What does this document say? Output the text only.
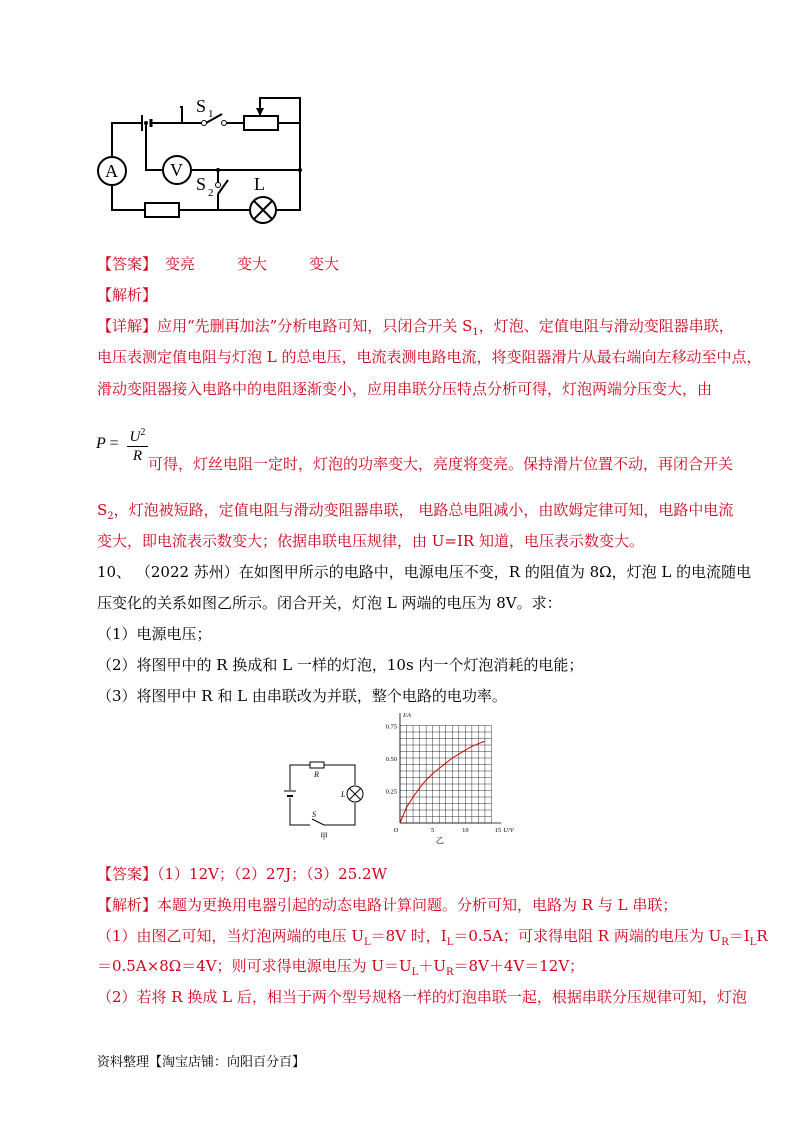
A	V
S 1
S 2 L
【答案】 变亮	变大	变大
【解析】
【详解】应用“先删再加法”分析电路可知，只闭合开关 $S_1$，灯泡、定值电阻与滑动变阻器串联，
电压表测定值电阻与灯泡 L 的总电压，电流表测电路电流，将变阻器滑片从最右端向左移动至中点，
滑动变阻器接入电路中的电阻逐渐变小，应用串联分压特点分析可得，灯泡两端分压变大，由
$P = \frac{U^2}{R}$ 可得，灯丝电阻一定时，灯泡的功率变大，亮度将变亮。保持滑片位置不动，再闭合开关
$S_2$，灯泡被短路，定值电阻与滑动变阻器串联， 电路总电阻减小，由欧姆定律可知，电路中电流
变大，即电流表示数变大；依据串联电压规律，由 U=IR 知道，电压表示数变大。
10、 （2022 苏州）在如图甲所示的电路中，电源电压不变，R 的阻值为 8Ω，灯泡 L 的电流随电
压变化的关系如图乙所示。闭合开关，灯泡 L 两端的电压为 8V。求：
（1）电源电压；
（2）将图甲中的 R 换成和 L 一样的灯泡，10s 内一个灯泡消耗的电能；
（3）将图甲中 R 和 L 由串联改为并联，整个电路的电功率。
R
L
S
甲
0.25
0.50
0.75
O	5	10	15 U/V
I/A
乙
【答案】（1）12V；（2）27J；（3）25.2W
【解析】本题为更换用电器引起的动态电路计算问题。分析可知，电路为 R 与 L 串联；
（1）由图乙可知，当灯泡两端的电压 $U_L=8V$ 时，$I_L=0.5A$；可求得电阻 R 两端的电压为 $U_R=I_LR$
＝0.5A×8Ω＝4V；则可求得电源电压为 $U=U_L+U_R=8V+4V=12V$；
（2）若将 R 换成 L 后，相当于两个型号规格一样的灯泡串联一起，根据串联分压规律可知，灯泡
资料整理【淘宝店铺：向阳百分百】
